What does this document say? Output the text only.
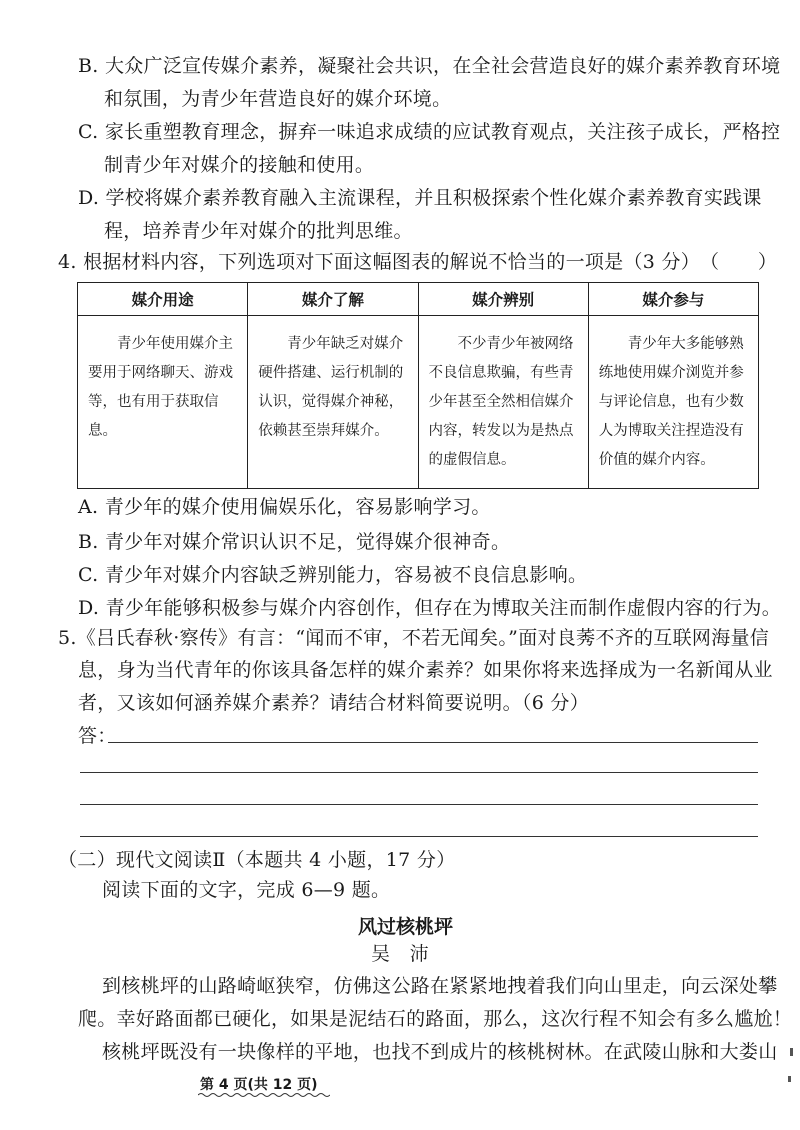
B. 大众广泛宣传媒介素养，凝聚社会共识，在全社会营造良好的媒介素养教育环境
和氛围，为青少年营造良好的媒介环境。
C. 家长重塑教育理念，摒弃一味追求成绩的应试教育观点，关注孩子成长，严格控
制青少年对媒介的接触和使用。
D. 学校将媒介素养教育融入主流课程，并且积极探索个性化媒介素养教育实践课
程，培养青少年对媒介的批判思维。
4. 根据材料内容，下列选项对下面这幅图表的解说不恰当的一项是（3 分） （　　）
媒介用途	媒介了解	媒介辨别	媒介参与
青少年使用媒介主要用于网络聊天、游戏等，也有用于获取信息。	青少年缺乏对媒介硬件搭建、运行机制的认识，觉得媒介神秘，依赖甚至崇拜媒介。	不少青少年被网络不良信息欺骗，有些青少年甚至全然相信媒介内容，转发以为是热点的虚假信息。	青少年大多能够熟练地使用媒介浏览并参与评论信息，也有少数人为博取关注捏造没有价值的媒介内容。
A. 青少年的媒介使用偏娱乐化，容易影响学习。
B. 青少年对媒介常识认识不足，觉得媒介很神奇。
C. 青少年对媒介内容缺乏辨别能力，容易被不良信息影响。
D. 青少年能够积极参与媒介内容创作，但存在为博取关注而制作虚假内容的行为。
5.《吕氏春秋·察传》有言：“闻而不审，不若无闻矣。”面对良莠不齐的互联网海量信
息，身为当代青年的你该具备怎样的媒介素养？如果你将来选择成为一名新闻从业
者，又该如何涵养媒介素养？请结合材料简要说明。（6 分）
答：
（二）现代文阅读Ⅱ（本题共 4 小题，17 分）
阅读下面的文字，完成 6—9 题。
风过核桃坪
吴　沛
到核桃坪的山路崎岖狭窄，仿佛这公路在紧紧地拽着我们向山里走，向云深处攀
爬。幸好路面都已硬化，如果是泥结石的路面，那么，这次行程不知会有多么尴尬！
核桃坪既没有一块像样的平地，也找不到成片的核桃树林。在武陵山脉和大娄山
第 4 页(共 12 页)
